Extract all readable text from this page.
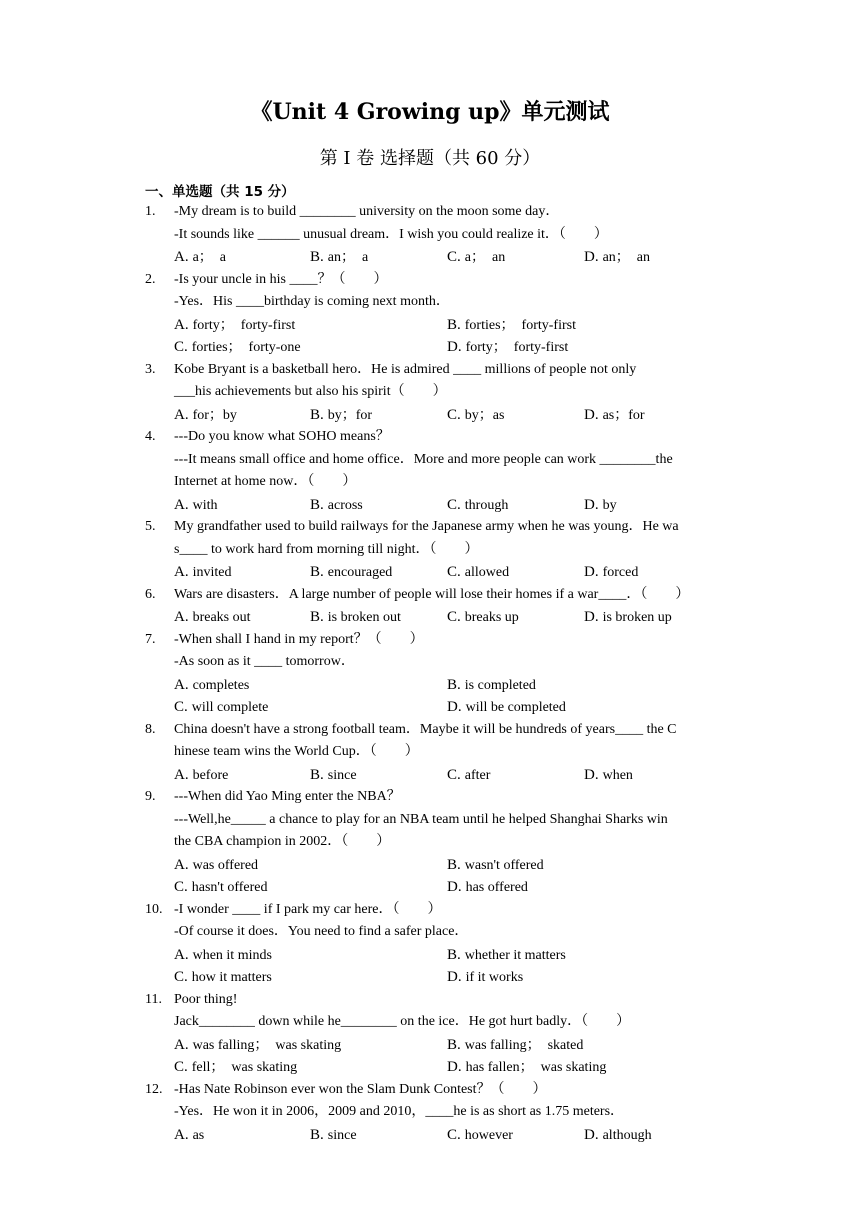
《Unit 4 Growing up》单元测试
第 I 卷 选择题（共 60 分）
一、单选题（共 15 分）
1. -My dream is to build ________ university on the moon some day．
-It sounds like ______ unusual dream．I wish you could realize it．（　　）
A. a；　a	B. an；　a	C. a；　an	D. an；　an
2. -Is your uncle in his ____？（　　）
-Yes．His ____birthday is coming next month．
A. forty；　forty-first	B. forties；　forty-first
C. forties；　forty-one	D. forty；　forty-first
3. Kobe Bryant is a basketball hero．He is admired ____ millions of people not only
___his achievements but also his spirit（　　）
A. for；by	B. by；for	C. by；as	D. as；for
4. ---Do you know what SOHO means？
---It means small office and home office．More and more people can work ________the
Internet at home now．（　　）
A. with	B. across	C. through	D. by
5. My grandfather used to build railways for the Japanese army when he was young．He wa
s____ to work hard from morning till night．（　　）
A. invited	B. encouraged	C. allowed	D. forced
6. Wars are disasters．A large number of people will lose their homes if a war____．（　　）
A. breaks out	B. is broken out	C. breaks up	D. is broken up
7. -When shall I hand in my report？（　　）
-As soon as it ____ tomorrow．
A. completes	B. is completed
C. will complete	D. will be completed
8. China doesn't have a strong football team．Maybe it will be hundreds of years____ the C
hinese team wins the World Cup．（　　）
A. before	B. since	C. after	D. when
9. ---When did Yao Ming enter the NBA？
---Well,he_____ a chance to play for an NBA team until he helped Shanghai Sharks win
the CBA champion in 2002．（　　）
A. was offered	B. wasn't offered
C. hasn't offered	D. has offered
10. -I wonder ____ if I park my car here．（　　）
-Of course it does．You need to find a safer place．
A. when it minds	B. whether it matters
C. how it matters	D. if it works
11. Poor thing!
Jack________ down while he________ on the ice．He got hurt badly．（　　）
A. was falling；　was skating	B. was falling；　skated
C. fell；　was skating	D. has fallen；　was skating
12. -Has Nate Robinson ever won the Slam Dunk Contest？（　　）
-Yes．He won it in 2006，2009 and 2010，____he is as short as 1.75 meters．
A. as	B. since	C. however	D. although
